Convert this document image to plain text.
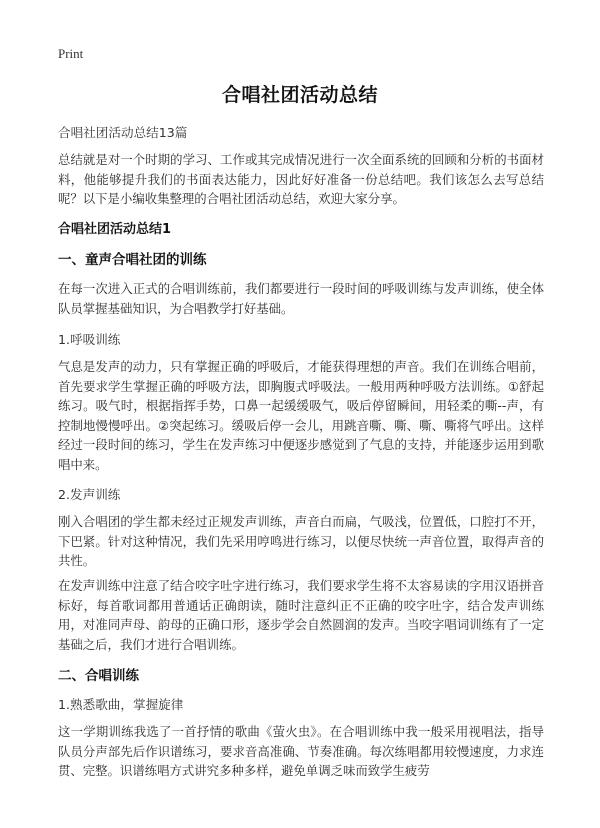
Print
合唱社团活动总结
合唱社团活动总结13篇

总结就是对一个时期的学习、工作或其完成情况进行一次全面系统的回顾和分析的书面材料，他能够提升我们的书面表达能力，因此好好准备一份总结吧。我们该怎么去写总结呢？以下是小编收集整理的合唱社团活动总结，欢迎大家分享。

合唱社团活动总结1
一、童声合唱社团的训练

在每一次进入正式的合唱训练前，我们都要进行一段时间的呼吸训练与发声训练，使全体队员掌握基础知识，为合唱教学打好基础。

1.呼吸训练

气息是发声的动力，只有掌握正确的呼吸后，才能获得理想的声音。我们在训练合唱前，首先要求学生掌握正确的呼吸方法，即胸腹式呼吸法。一般用两种呼吸方法训练。①舒起练习。吸气时，根据指挥手势，口鼻一起缓缓吸气，吸后停留瞬间，用轻柔的嘶--声，有控制地慢慢呼出。②突起练习。缓吸后停一会儿，用跳音嘶、嘶、嘶、嘶将气呼出。这样经过一段时间的练习，学生在发声练习中便逐步感觉到了气息的支持，并能逐步运用到歌唱中来。

2.发声训练

刚入合唱团的学生都未经过正规发声训练，声音白而扁，气吸浅，位置低，口腔打不开，下巴紧。针对这种情况，我们先采用哼鸣进行练习，以便尽快统一声音位置，取得声音的共性。

在发声训练中注意了结合咬字吐字进行练习，我们要求学生将不太容易读的字用汉语拼音标好，每首歌词都用普通话正确朗读，随时注意纠正不正确的咬字吐字，结合发声训练用，对准同声母、韵母的正确口形，逐步学会自然圆润的发声。当咬字唱词训练有了一定基础之后，我们才进行合唱训练。

二、合唱训练
1.熟悉歌曲，掌握旋律

这一学期训练我选了一首抒情的歌曲《萤火虫》。在合唱训练中我一般采用视唱法，指导队员分声部先后作识谱练习，要求音高准确、节奏准确。每次练唱都用较慢速度，力求连贯、完整。识谱练唱方式讲究多种多样，避免单调乏味而致学生疲劳
